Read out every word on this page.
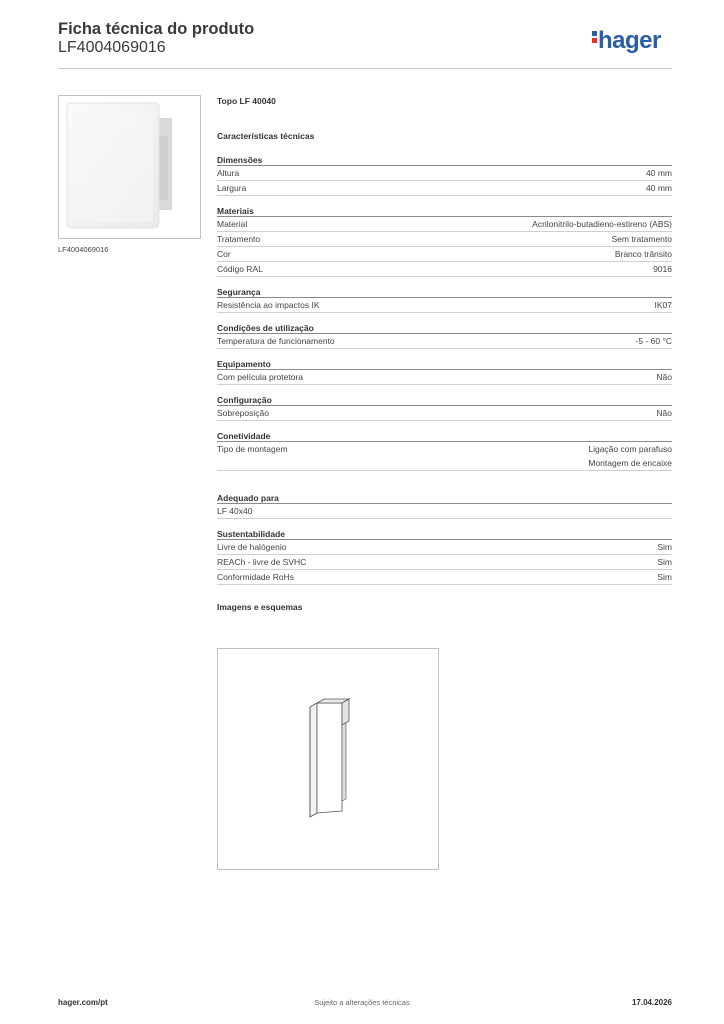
Ficha técnica do produto
LF4004069016	hager
LF4004069016
Topo LF 40040
Características técnicas
Dimensões
Altura	40 mm
Largura	40 mm
Materiais
Material	Acrilonitrilo-butadieno-estireno (ABS)
Tratamento	Sem tratamento
Cor	Branco trânsito
Código RAL	9016
Segurança
Resistência ao impactos IK	IK07
Condições de utilização
Temperatura de funcionamento	-5 - 60 °C
Equipamento
Com película protetora	Não
Configuração
Sobreposição	Não
Conetividade
Tipo de montagem	Ligação com parafuso
Montagem de encaixe
Adequado para
LF 40x40
Sustentabilidade
Livre de halógenio	Sim
REACh - livre de SVHC	Sim
Conformidade RoHs	Sim
Imagens e esquemas
hager.com/pt	Sujeito a alterações técnicas	17.04.2026
